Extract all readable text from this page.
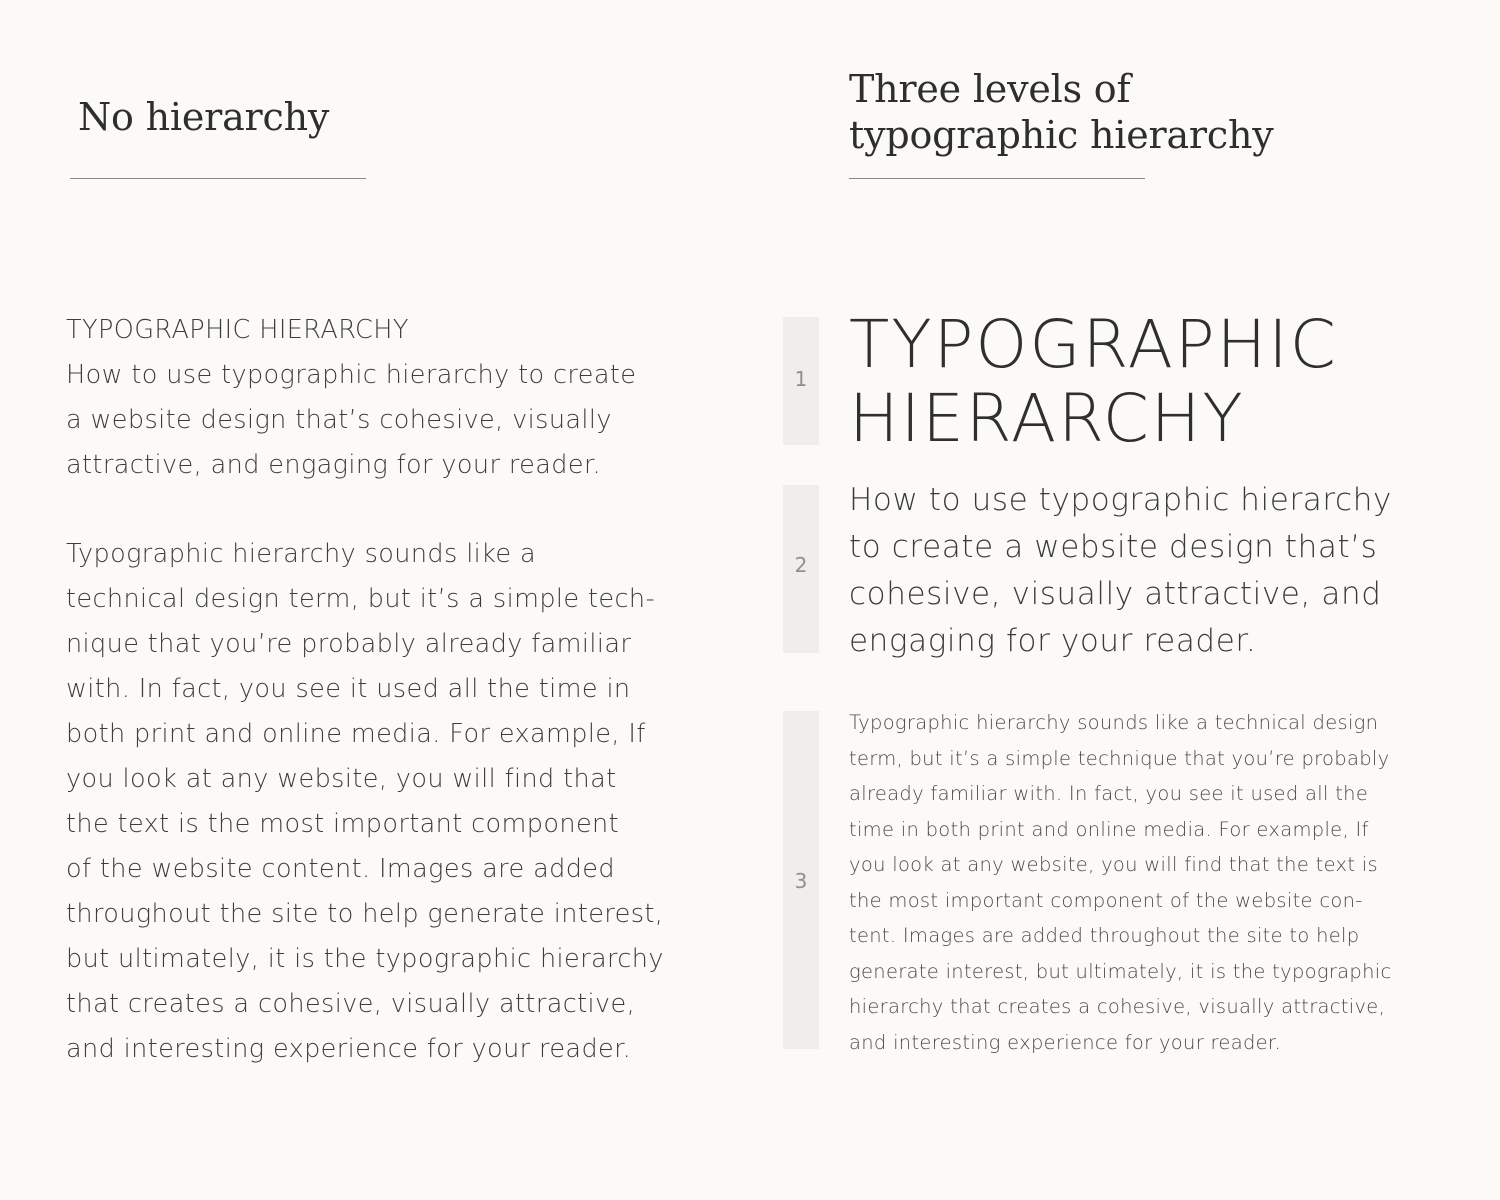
No hierarchy
TYPOGRAPHIC HIERARCHY
How to use typographic hierarchy to create
a website design that’s cohesive, visually
attractive, and engaging for your reader.
Typographic hierarchy sounds like a
technical design term, but it’s a simple tech-
nique that you’re probably already familiar
with. In fact, you see it used all the time in
both print and online media. For example, If
you look at any website, you will find that
the text is the most important component
of the website content. Images are added
throughout the site to help generate interest,
but ultimately, it is the typographic hierarchy
that creates a cohesive, visually attractive,
and interesting experience for your reader.
Three levels of
typographic hierarchy
1 TYPOGRAPHIC
HIERARCHY
2
How to use typographic hierarchy
to create a website design that’s
cohesive, visually attractive, and
engaging for your reader.
3
Typographic hierarchy sounds like a technical design
term, but it’s a simple technique that you’re probably
already familiar with. In fact, you see it used all the
time in both print and online media. For example, If
you look at any website, you will find that the text is
the most important component of the website con-
tent. Images are added throughout the site to help
generate interest, but ultimately, it is the typographic
hierarchy that creates a cohesive, visually attractive,
and interesting experience for your reader.
